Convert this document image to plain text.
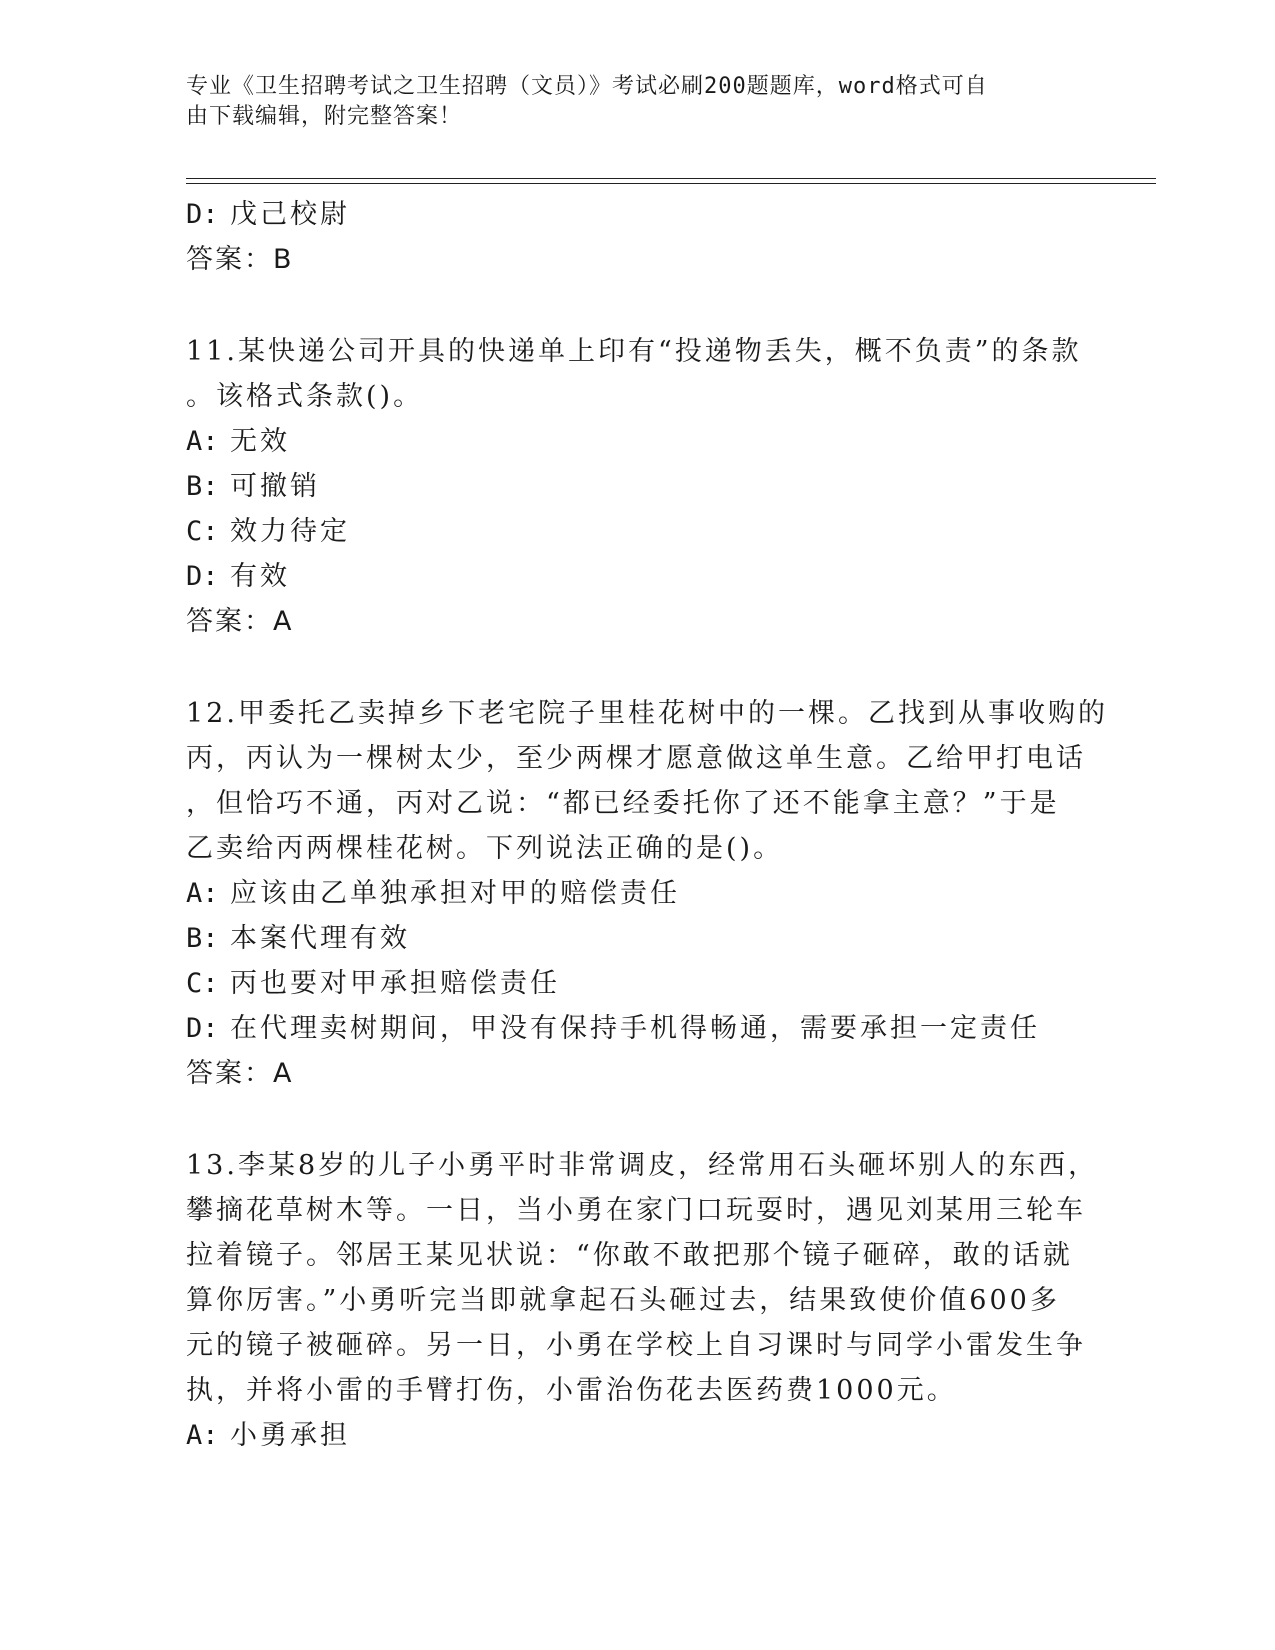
专业《卫生招聘考试之卫生招聘（文员）》考试必刷200题题库，word格式可自
由下载编辑，附完整答案！
D: 戊己校尉
答案：B
11.某快递公司开具的快递单上印有“投递物丢失，概不负责”的条款
。该格式条款()。
A: 无效
B: 可撤销
C: 效力待定
D: 有效
答案：A
12.甲委托乙卖掉乡下老宅院子里桂花树中的一棵。乙找到从事收购的
丙，丙认为一棵树太少，至少两棵才愿意做这单生意。乙给甲打电话
，但恰巧不通，丙对乙说：“都已经委托你了还不能拿主意？”于是
乙卖给丙两棵桂花树。下列说法正确的是()。
A: 应该由乙单独承担对甲的赔偿责任
B: 本案代理有效
C: 丙也要对甲承担赔偿责任
D: 在代理卖树期间，甲没有保持手机得畅通，需要承担一定责任
答案：A
13.李某8岁的儿子小勇平时非常调皮，经常用石头砸坏别人的东西，
攀摘花草树木等。一日，当小勇在家门口玩耍时，遇见刘某用三轮车
拉着镜子。邻居王某见状说：“你敢不敢把那个镜子砸碎，敢的话就
算你厉害。”小勇听完当即就拿起石头砸过去，结果致使价值600多
元的镜子被砸碎。另一日，小勇在学校上自习课时与同学小雷发生争
执，并将小雷的手臂打伤，小雷治伤花去医药费1000元。
A: 小勇承担
